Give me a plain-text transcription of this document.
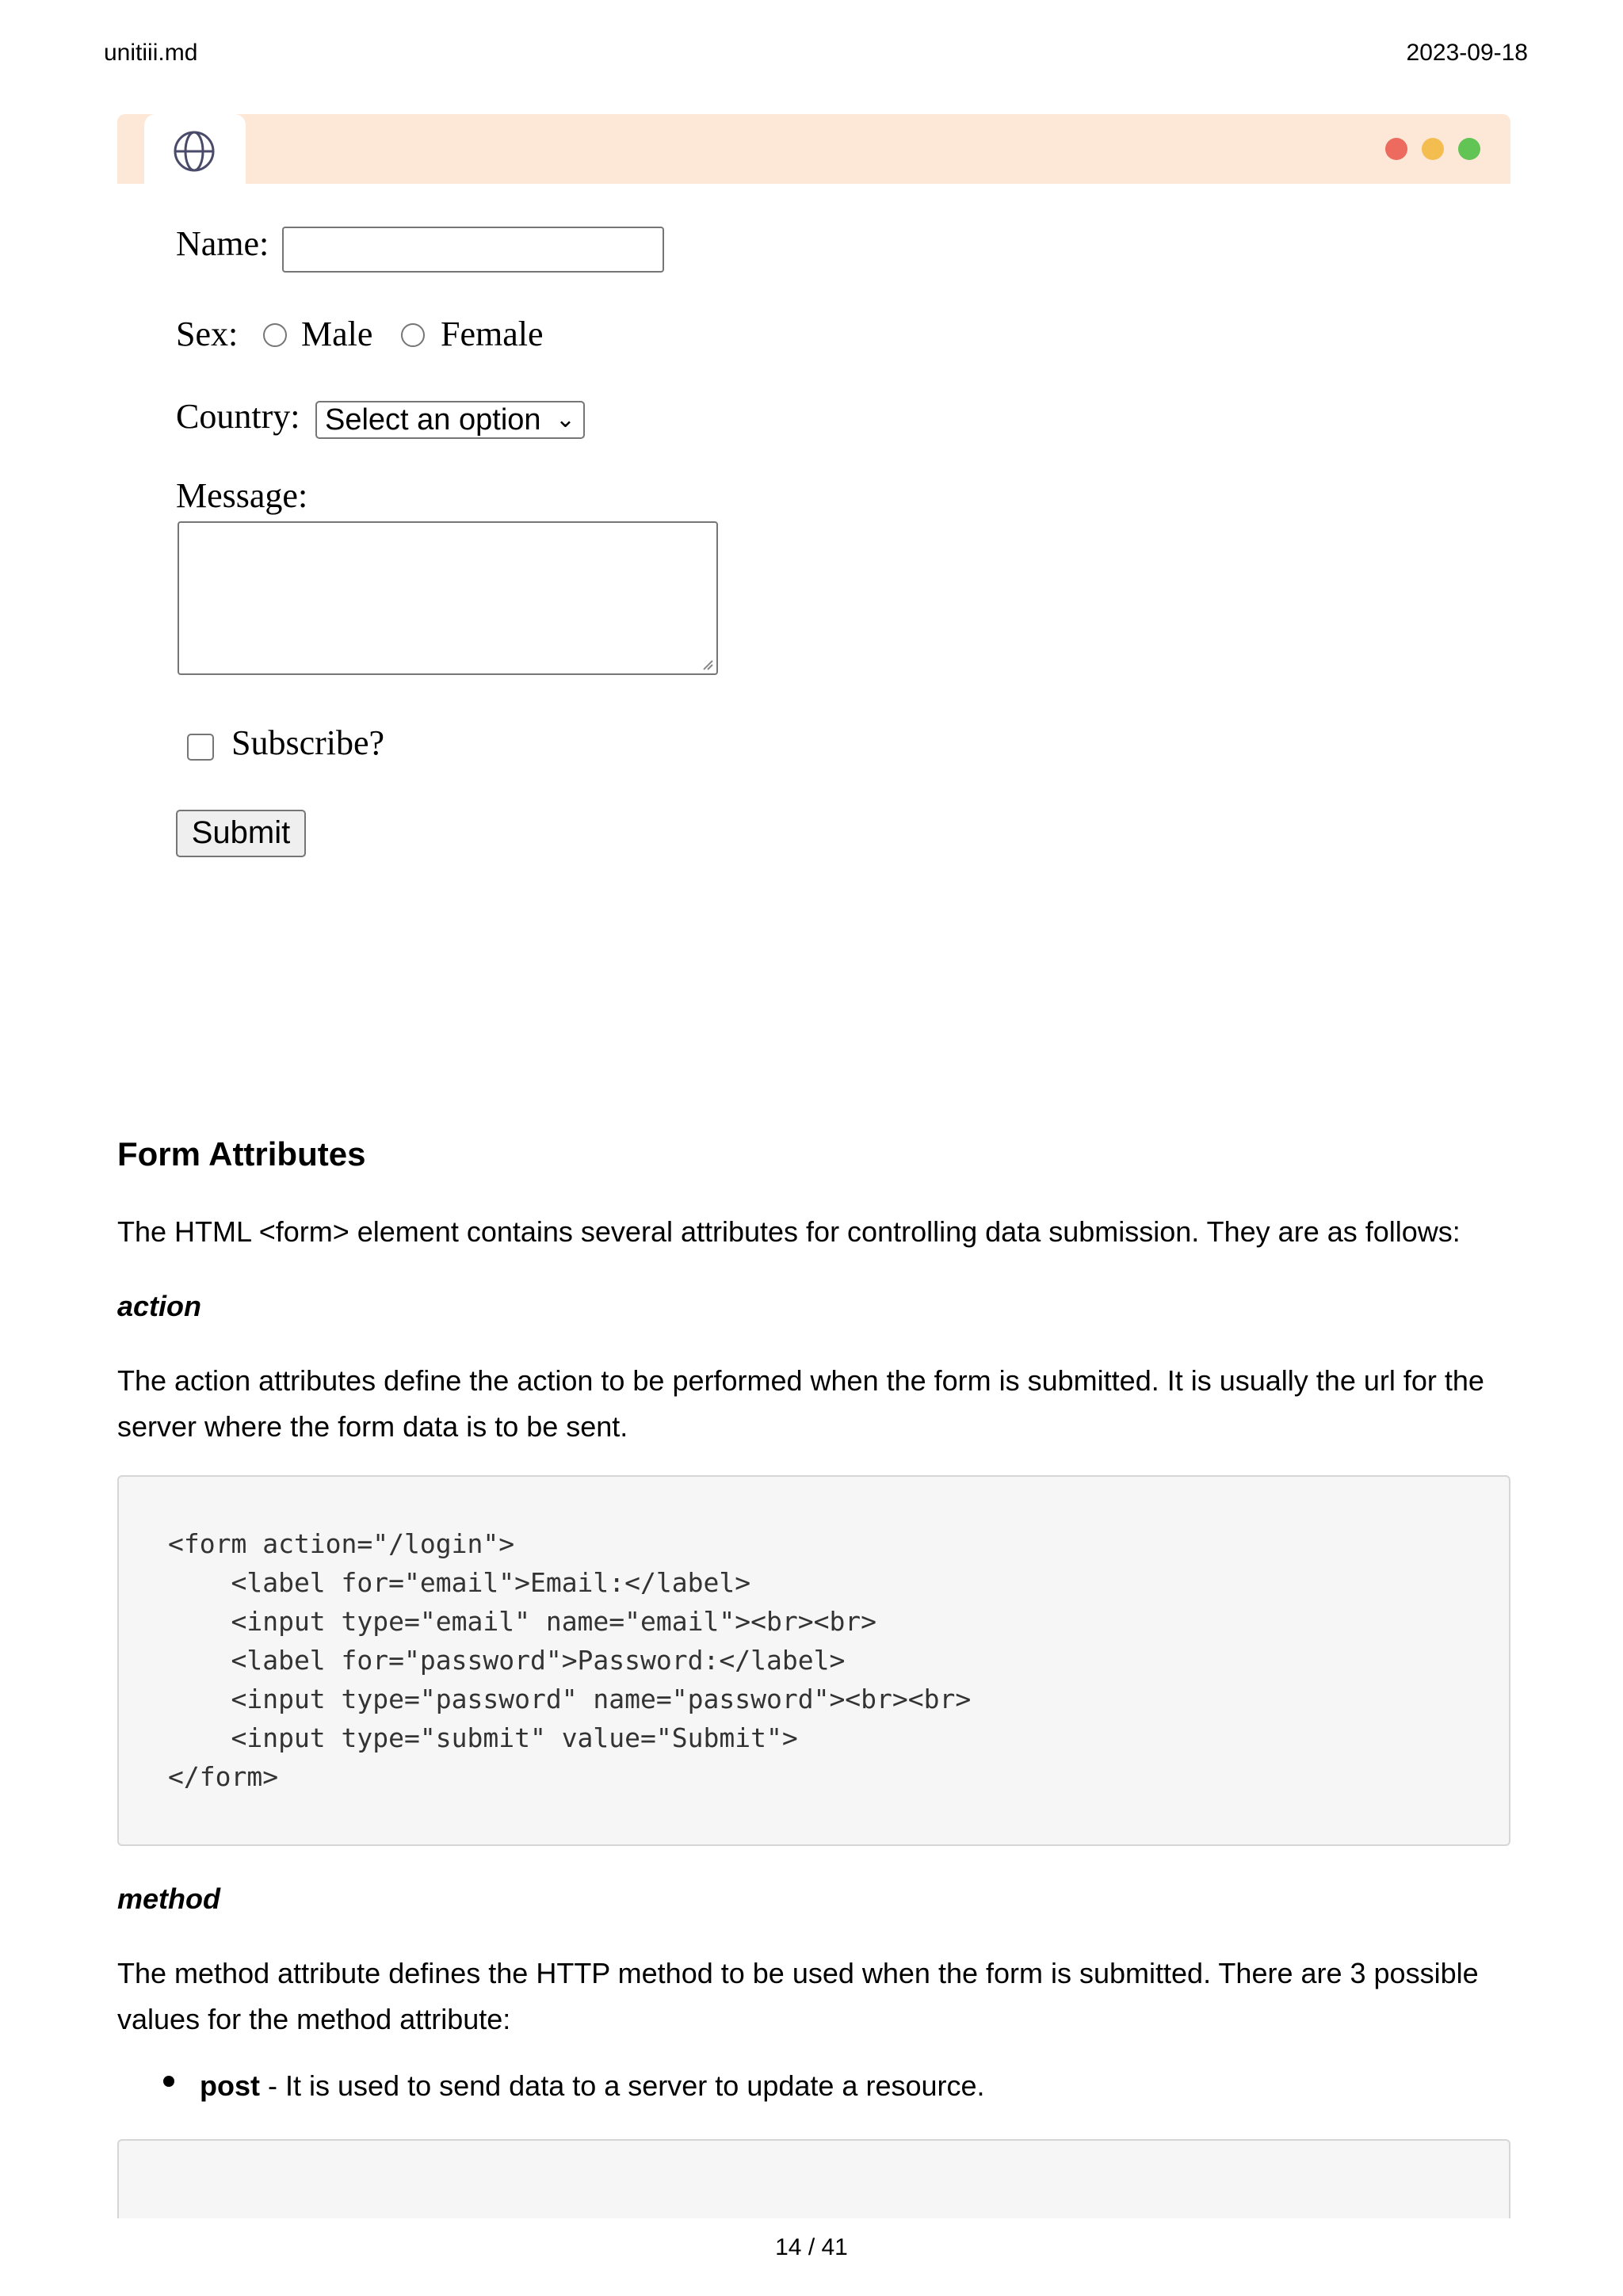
unitiii.md	2023-09-18
Name:
Sex: Male Female
Country: Select an option ⌄
Message:
Subscribe?
Submit
Form Attributes
The HTML <form> element contains several attributes for controlling data submission. They are as follows:
action
The action attributes define the action to be performed when the form is submitted. It is usually the url for the
server where the form data is to be sent.
<form action="/login">
<label for="email">Email:</label>
<input type="email" name="email"><br><br>
<label for="password">Password:</label>
<input type="password" name="password"><br><br>
<input type="submit" value="Submit">
</form>
method
The method attribute defines the HTTP method to be used when the form is submitted. There are 3 possible
values for the method attribute:
post - It is used to send data to a server to update a resource.
14 / 41
